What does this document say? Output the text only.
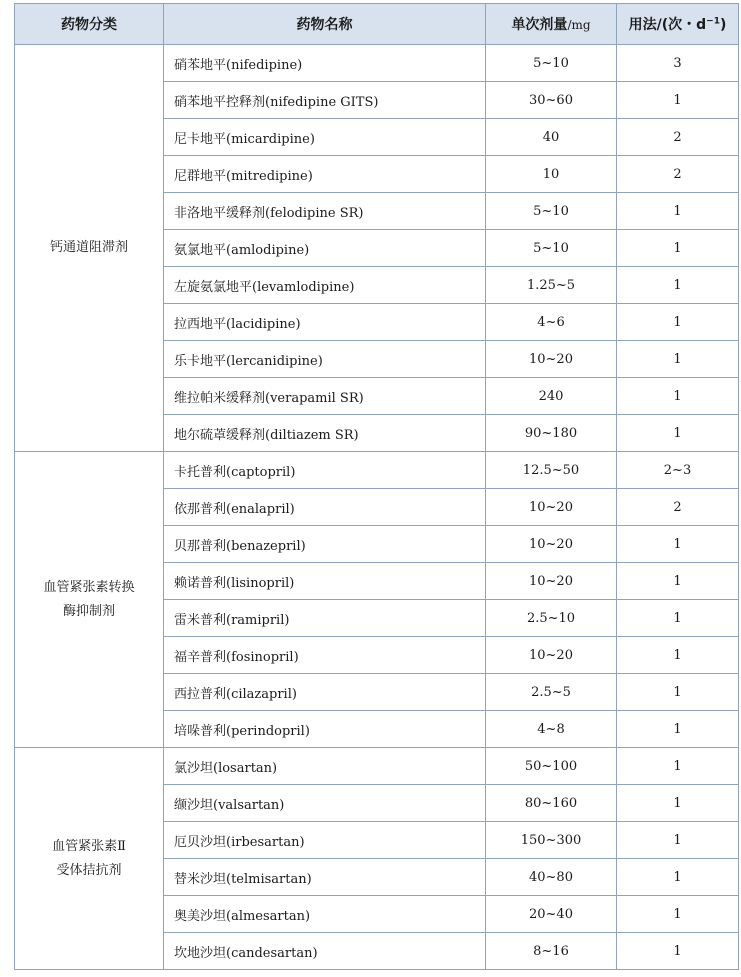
药物分类	药物名称	单次剂量/mg	用法/(次・$d^{-1}$)

钙通道阻滞剂	硝苯地平(nifedipine)	5~10	3
	硝苯地平控释剂(nifedipine GITS)	30~60	1
	尼卡地平(micardipine)	40	2
	尼群地平(mitredipine)	10	2
	非洛地平缓释剂(felodipine SR)	5~10	1
	氨氯地平(amlodipine)	5~10	1
	左旋氨氯地平(levamlodipine)	1.25~5	1
	拉西地平(lacidipine)	4~6	1
	乐卡地平(lercanidipine)	10~20	1
	维拉帕米缓释剂(verapamil SR)	240	1
	地尔硫䓬缓释剂(diltiazem SR)	90~180	1

血管紧张素转换
酶抑制剂	卡托普利(captopril)	12.5~50	2~3
	依那普利(enalapril)	10~20	2
	贝那普利(benazepril)	10~20	1
	赖诺普利(lisinopril)	10~20	1
	雷米普利(ramipril)	2.5~10	1
	福辛普利(fosinopril)	10~20	1
	西拉普利(cilazapril)	2.5~5	1
	培哚普利(perindopril)	4~8	1

血管紧张素Ⅱ
受体拮抗剂	氯沙坦(losartan)	50~100	1
	缬沙坦(valsartan)	80~160	1
	厄贝沙坦(irbesartan)	150~300	1
	替米沙坦(telmisartan)	40~80	1
	奥美沙坦(almesartan)	20~40	1
	坎地沙坦(candesartan)	8~16	1
